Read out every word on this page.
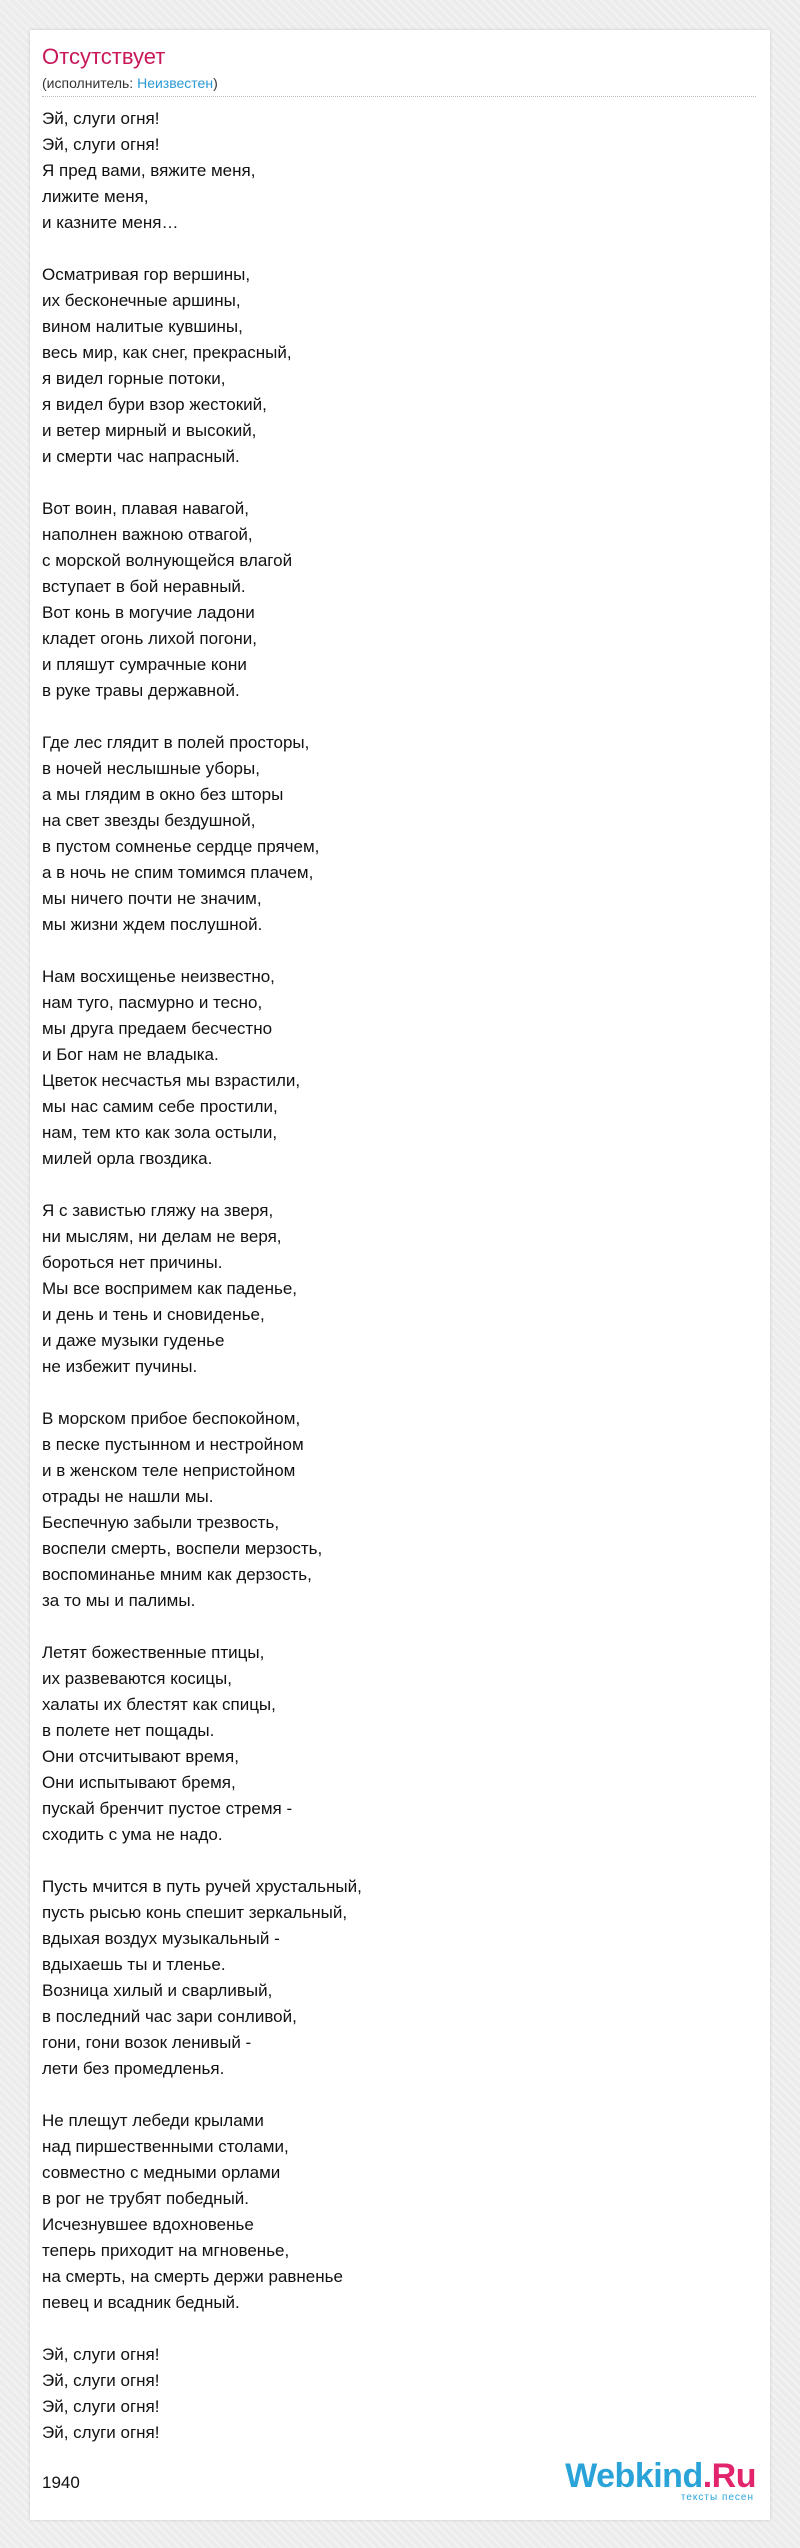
Отсутствует
(исполнитель: Неизвестен)
Эй, слуги огня!
Эй, слуги огня!
Я пред вами, вяжите меня,
лижите меня,
и казните меня…
Осматривая гор вершины,
их бесконечные аршины,
вином налитые кувшины,
весь мир, как снег, прекрасный,
я видел горные потоки,
я видел бури взор жестокий,
и ветер мирный и высокий,
и смерти час напрасный.
Вот воин, плавая навагой,
наполнен важною отвагой,
с морской волнующейся влагой
вступает в бой неравный.
Вот конь в могучие ладони
кладет огонь лихой погони,
и пляшут сумрачные кони
в руке травы державной.
Где лес глядит в полей просторы,
в ночей неслышные уборы,
а мы глядим в окно без шторы
на свет звезды бездушной,
в пустом сомненье сердце прячем,
а в ночь не спим томимся плачем,
мы ничего почти не значим,
мы жизни ждем послушной.
Нам восхищенье неизвестно,
нам туго, пасмурно и тесно,
мы друга предаем бесчестно
и Бог нам не владыка.
Цветок несчастья мы взрастили,
мы нас самим себе простили,
нам, тем кто как зола остыли,
милей орла гвоздика.
Я с завистью гляжу на зверя,
ни мыслям, ни делам не веря,
бороться нет причины.
Мы все воспримем как паденье,
и день и тень и сновиденье,
и даже музыки гуденье
не избежит пучины.
В морском прибое беспокойном,
в песке пустынном и нестройном
и в женском теле непристойном
отрады не нашли мы.
Беспечную забыли трезвость,
воспели смерть, воспели мерзость,
воспоминанье мним как дерзость,
за то мы и палимы.
Летят божественные птицы,
их развеваются косицы,
халаты их блестят как спицы,
в полете нет пощады.
Они отсчитывают время,
Они испытывают бремя,
пускай бренчит пустое стремя -
сходить с ума не надо.
Пусть мчится в путь ручей хрустальный,
пусть рысью конь спешит зеркальный,
вдыхая воздух музыкальный -
вдыхаешь ты и тленье.
Возница хилый и сварливый,
в последний час зари сонливой,
гони, гони возок ленивый -
лети без промедленья.
Не плещут лебеди крылами
над пиршественными столами,
совместно с медными орлами
в рог не трубят победный.
Исчезнувшее вдохновенье
теперь приходит на мгновенье,
на смерть, на смерть держи равненье
певец и всадник бедный.
Эй, слуги огня!
Эй, слуги огня!
Эй, слуги огня!
Эй, слуги огня!
1940	Webkind.Ru
тексты песен
